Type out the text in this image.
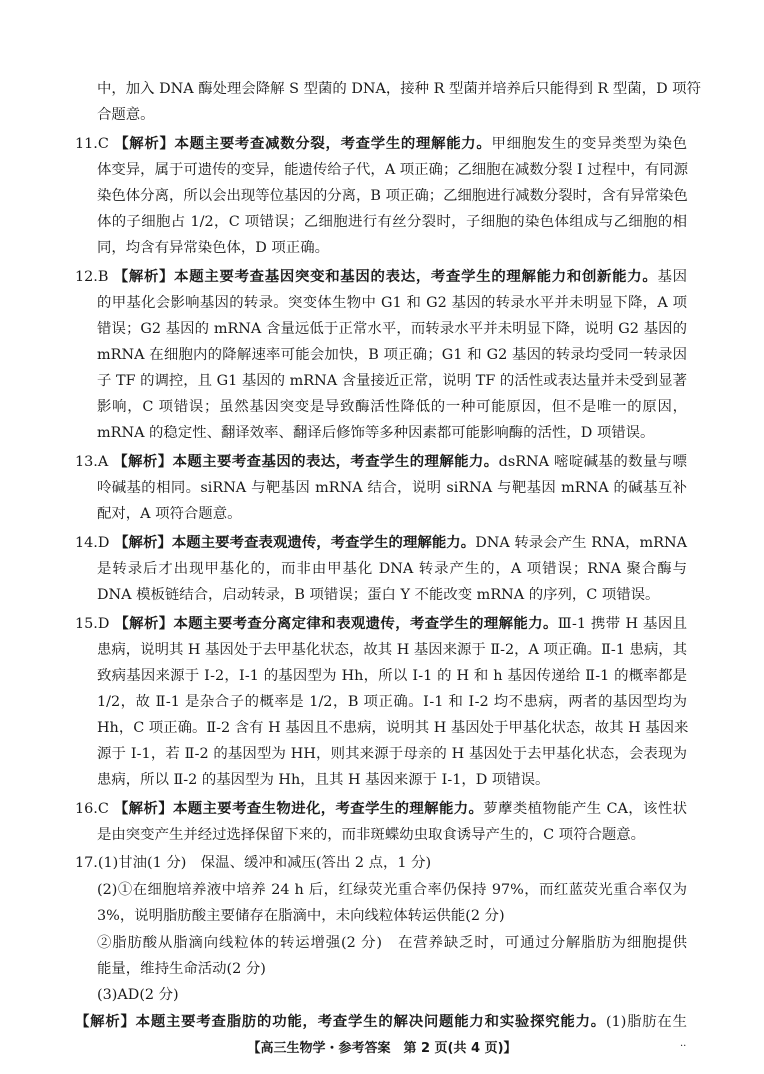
中，加入 DNA 酶处理会降解 S 型菌的 DNA，接种 R 型菌并培养后只能得到 R 型菌，D 项符
合题意。
11.C 【解析】本题主要考查减数分裂，考查学生的理解能力。甲细胞发生的变异类型为染色
体变异，属于可遗传的变异，能遗传给子代，A 项正确；乙细胞在减数分裂 Ⅰ 过程中，有同源
染色体分离，所以会出现等位基因的分离，B 项正确；乙细胞进行减数分裂时，含有异常染色
体的子细胞占 1/2，C 项错误；乙细胞进行有丝分裂时，子细胞的染色体组成与乙细胞的相
同，均含有异常染色体，D 项正确。
12.B 【解析】本题主要考查基因突变和基因的表达，考查学生的理解能力和创新能力。基因
的甲基化会影响基因的转录。突变体生物中 G1 和 G2 基因的转录水平并未明显下降，A 项
错误；G2 基因的 mRNA 含量远低于正常水平，而转录水平并未明显下降，说明 G2 基因的
mRNA 在细胞内的降解速率可能会加快，B 项正确；G1 和 G2 基因的转录均受同一转录因
子 TF 的调控，且 G1 基因的 mRNA 含量接近正常，说明 TF 的活性或表达量并未受到显著
影响，C 项错误；虽然基因突变是导致酶活性降低的一种可能原因，但不是唯一的原因，
mRNA 的稳定性、翻译效率、翻译后修饰等多种因素都可能影响酶的活性，D 项错误。
13.A 【解析】本题主要考查基因的表达，考查学生的理解能力。dsRNA 嘧啶碱基的数量与嘌
呤碱基的相同。siRNA 与靶基因 mRNA 结合，说明 siRNA 与靶基因 mRNA 的碱基互补
配对，A 项符合题意。
14.D 【解析】本题主要考查表观遗传，考查学生的理解能力。DNA 转录会产生 RNA，mRNA
是转录后才出现甲基化的，而非由甲基化 DNA 转录产生的，A 项错误；RNA 聚合酶与
DNA 模板链结合，启动转录，B 项错误；蛋白 Y 不能改变 mRNA 的序列，C 项错误。
15.D 【解析】本题主要考查分离定律和表观遗传，考查学生的理解能力。Ⅲ-1 携带 H 基因且
患病，说明其 H 基因处于去甲基化状态，故其 H 基因来源于 Ⅱ-2，A 项正确。Ⅱ-1 患病，其
致病基因来源于 Ⅰ-2，Ⅰ-1 的基因型为 Hh，所以 Ⅰ-1 的 H 和 h 基因传递给 Ⅱ-1 的概率都是
1/2，故 Ⅱ-1 是杂合子的概率是 1/2，B 项正确。Ⅰ-1 和 Ⅰ-2 均不患病，两者的基因型均为
Hh，C 项正确。Ⅱ-2 含有 H 基因且不患病，说明其 H 基因处于甲基化状态，故其 H 基因来
源于 Ⅰ-1，若 Ⅱ-2 的基因型为 HH，则其来源于母亲的 H 基因处于去甲基化状态，会表现为
患病，所以 Ⅱ-2 的基因型为 Hh，且其 H 基因来源于 Ⅰ-1，D 项错误。
16.C 【解析】本题主要考查生物进化，考查学生的理解能力。萝藦类植物能产生 CA，该性状
是由突变产生并经过选择保留下来的，而非斑蝶幼虫取食诱导产生的，C 项符合题意。
17.(1)甘油(1 分)　保温、缓冲和减压(答出 2 点，1 分)
(2)①在细胞培养液中培养 24 h 后，红绿荧光重合率仍保持 97%，而红蓝荧光重合率仅为
3%，说明脂肪酸主要储存在脂滴中，未向线粒体转运供能(2 分)
②脂肪酸从脂滴向线粒体的转运增强(2 分)　在营养缺乏时，可通过分解脂肪为细胞提供
能量，维持生命活动(2 分)
(3)AD(2 分)
【解析】本题主要考查脂肪的功能，考查学生的解决问题能力和实验探究能力。(1)脂肪在生
【高三生物学・参考答案　第 2 页(共 4 页)】	..
